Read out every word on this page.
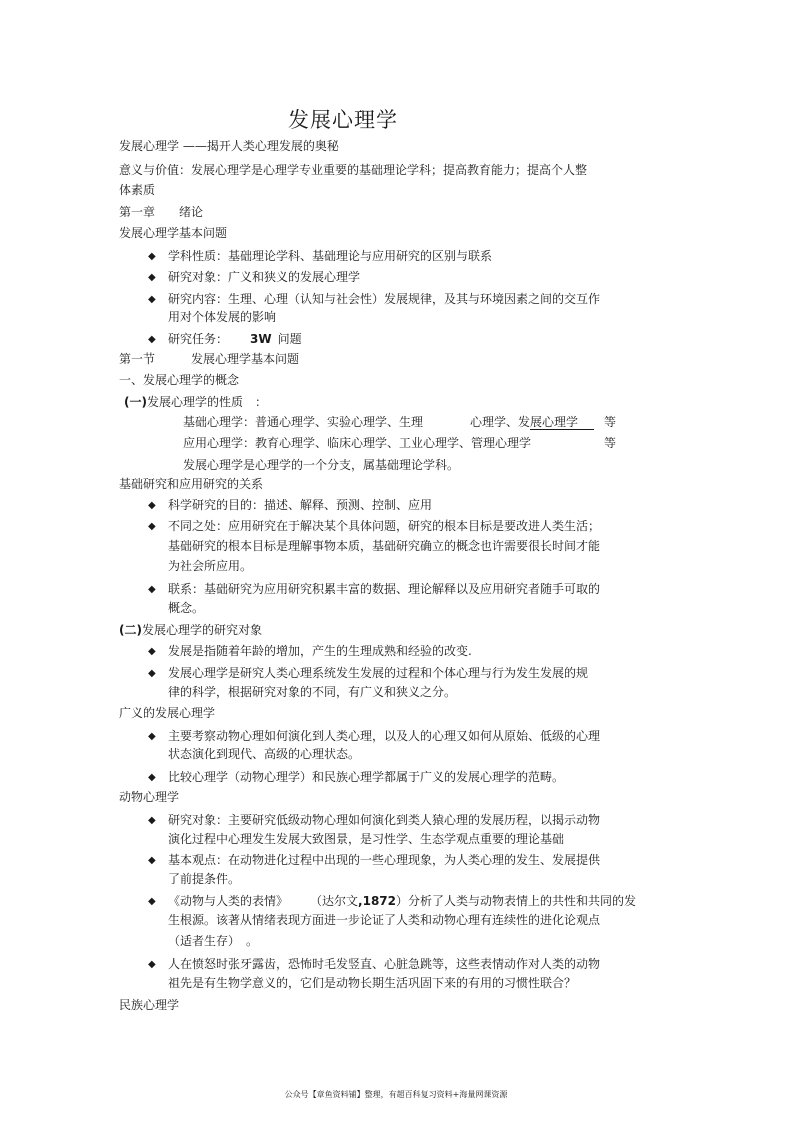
发展心理学
发展心理学 ——揭开人类心理发展的奥秘
意义与价值：发展心理学是心理学专业重要的基础理论学科；提高教育能力；提高个人整
体素质
第一章　　绪论
发展心理学基本问题
◆ 学科性质：基础理论学科、基础理论与应用研究的区别与联系
◆ 研究对象：广义和狭义的发展心理学
◆ 研究内容：生理、心理（认知与社会性）发展规律，及其与环境因素之间的交互作
用对个体发展的影响
◆ 研究任务： 3W 问题
第一节　　　发展心理学基本问题
一、发展心理学的概念
(一)发展心理学的性质　：
基础心理学：普通心理学、实验心理学、生理	心理学、发展心理学	等
应用心理学：教育心理学、临床心理学、工业心理学、管理心理学	等
发展心理学是心理学的一个分支，属基础理论学科。
基础研究和应用研究的关系
◆ 科学研究的目的：描述、解释、预测、控制、应用
◆ 不同之处：应用研究在于解决某个具体问题，研究的根本目标是要改进人类生活；
基础研究的根本目标是理解事物本质，基础研究确立的概念也许需要很长时间才能
为社会所应用。
◆ 联系：基础研究为应用研究积累丰富的数据、理论解释以及应用研究者随手可取的
概念。
(二)发展心理学的研究对象
◆ 发展是指随着年龄的增加，产生的生理成熟和经验的改变.
◆ 发展心理学是研究人类心理系统发生发展的过程和个体心理与行为发生发展的规
律的科学，根据研究对象的不同，有广义和狭义之分。
广义的发展心理学
◆ 主要考察动物心理如何演化到人类心理，以及人的心理又如何从原始、低级的心理
状态演化到现代、高级的心理状态。
◆ 比较心理学（动物心理学）和民族心理学都属于广义的发展心理学的范畴。
动物心理学
◆ 研究对象：主要研究低级动物心理如何演化到类人猿心理的发展历程，以揭示动物
演化过程中心理发生发展大致图景，是习性学、生态学观点重要的理论基础
◆ 基本观点：在动物进化过程中出现的一些心理现象，为人类心理的发生、发展提供
了前提条件。
◆ 《动物与人类的表情》 （达尔文,1872）分析了人类与动物表情上的共性和共同的发
生根源。该著从情绪表现方面进一步论证了人类和动物心理有连续性的进化论观点
（适者生存）　。
◆ 人在愤怒时张牙露齿，恐怖时毛发竖直、心脏急跳等，这些表情动作对人类的动物
祖先是有生物学意义的，它们是动物长期生活巩固下来的有用的习惯性联合？
民族心理学
公众号【章鱼资料铺】整理，有超百科复习资料+海量网课资源
